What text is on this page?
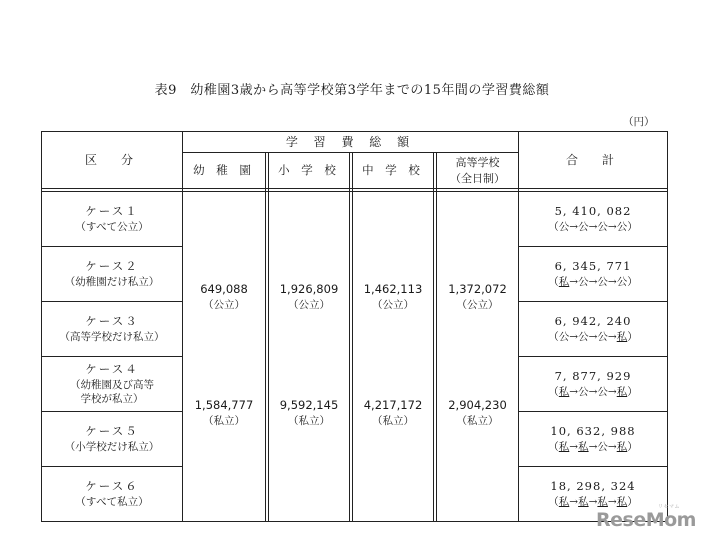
表9　幼稚園3歳から高等学校第3学年までの15年間の学習費総額
（円）
区　分
学 習 費 総 額
幼 稚 園	小 学 校	中 学 校
高等学校
（全日制）
合　計
ケース１
（すべて公立）
ケース２
（幼稚園だけ私立）
ケース３
（高等学校だけ私立）
ケース４
（幼稚園及び高等
学校が私立）
ケース５
（小学校だけ私立）
ケース６
（すべて私立）
649,088
（公立）
1,926,809
（公立）
1,462,113
（公立）
1,372,072
（公立）
1,584,777
（私立）
9,592,145
（私立）
4,217,172
（私立）
2,904,230
（私立）
5, 410, 082
（公→公→公→公）
6, 345, 771
（私→公→公→公）
6, 942, 240
（公→公→公→私）
7, 877, 929
（私→公→公→私）
10, 632, 988
（私→私→公→私）
18, 298, 324
（私→私→私→私）
ReseMom
リセマム
